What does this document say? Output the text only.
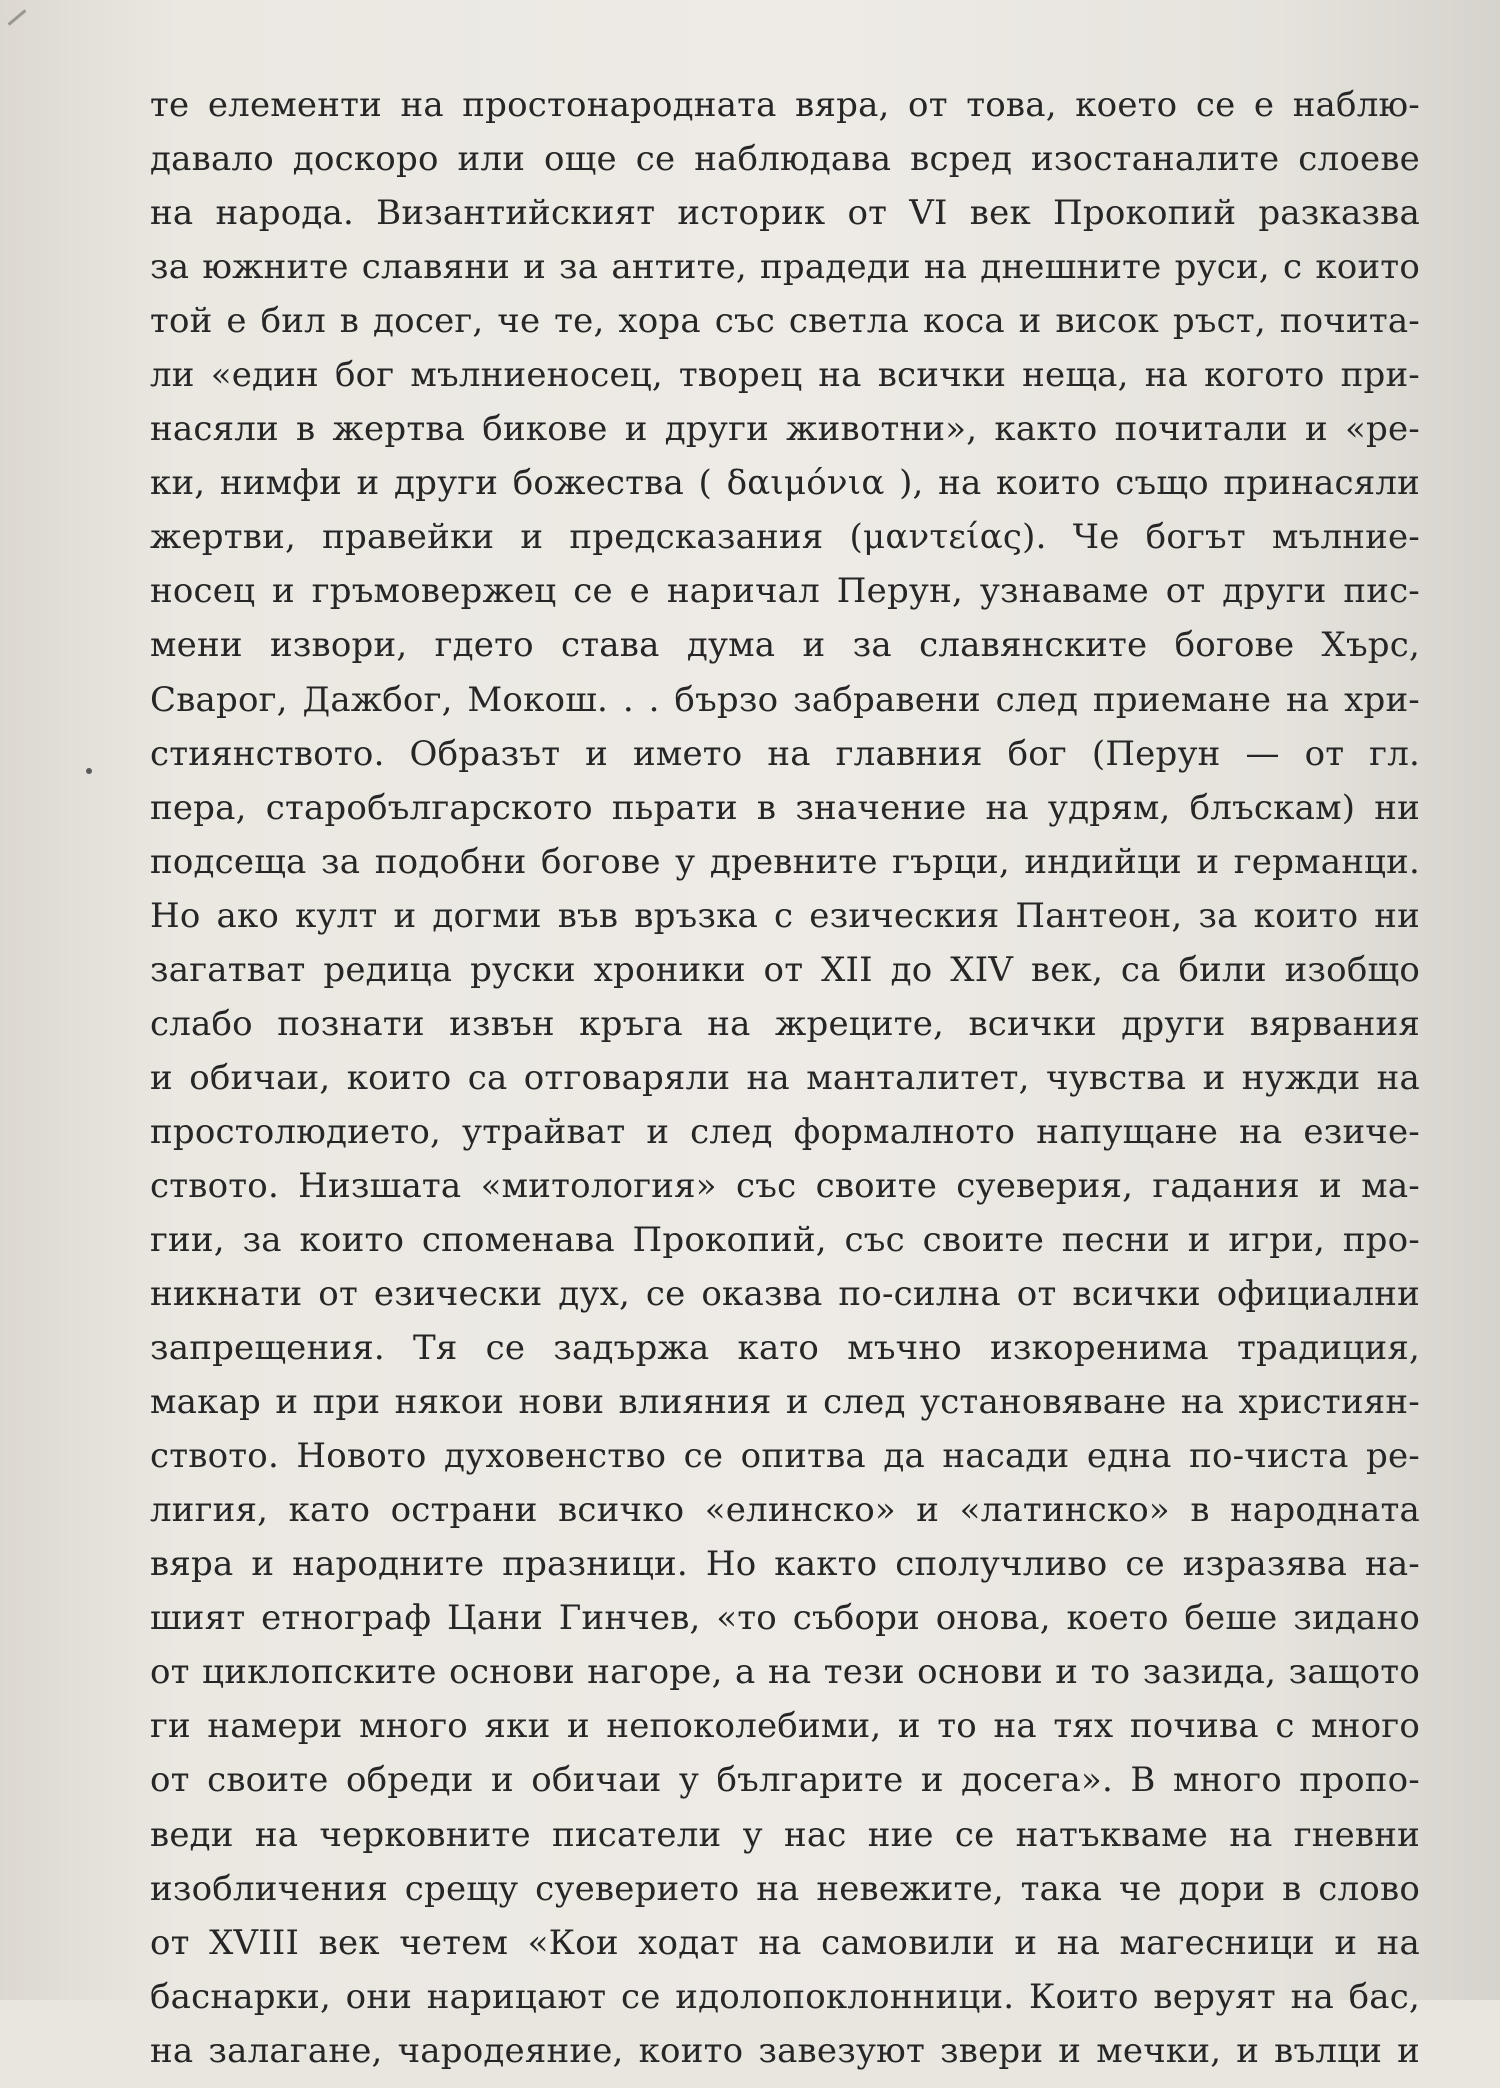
те елементи на простонародната вяра, от това, което се е наблю-
давало доскоро или още се наблюдава всред изостаналите слоеве
на народа. Византийският историк от VI век Прокопий разказва
за южните славяни и за антите, прадеди на днешните руси, с които
той е бил в досег, че те, хора със светла коса и висок ръст, почита-
ли «един бог мълниеносец, творец на всички неща, на когото при-
насяли в жертва бикове и други животни», както почитали и «ре-
ки, нимфи и други божества ( δαιμόνια ), на които също принасяли
жертви, правейки и предсказания (μαντείας). Че богът мълние-
носец и гръмовержец се е наричал Перун, узнаваме от други пис-
мени извори, гдето става дума и за славянските богове Хърс,
Сварог, Дажбог, Мокош. . . бързо забравени след приемане на хри-
стиянството. Образът и името на главния бог (Перун — от гл.
пера, старобългарското пьрати в значение на удрям, блъскам) ни
подсеща за подобни богове у древните гърци, индийци и германци.
Но ако култ и догми във връзка с езическия Пантеон, за които ни
загатват редица руски хроники от XII до XIV век, са били изобщо
слабо познати извън кръга на жреците, всички други вярвания
и обичаи, които са отговаряли на манталитет, чувства и нужди на
простолюдието, утрайват и след формалното напущане на езиче-
ството. Низшата «митология» със своите суеверия, гадания и ма-
гии, за които споменава Прокопий, със своите песни и игри, про-
никнати от езически дух, се оказва по-силна от всички официални
запрещения. Тя се задържа като мъчно изкоренима традиция,
макар и при някои нови влияния и след установяване на християн-
ството. Новото духовенство се опитва да насади една по-чиста ре-
лигия, като острани всичко «елинско» и «латинско» в народната
вяра и народните празници. Но както сполучливо се изразява на-
шият етнограф Цани Гинчев, «то събори онова, което беше зидано
от циклопските основи нагоре, а на тези основи и то зазида, защото
ги намери много яки и непоколебими, и то на тях почива с много
от своите обреди и обичаи у българите и досега». В много пропо-
веди на черковните писатели у нас ние се натъкваме на гневни
изобличения срещу суеверието на невежите, така че дори в слово
от XVIII век четем «Кои ходат на самовили и на магесници и на
баснарки, они нарицают се идолопоклонници. Които веруят на бас,
на залагане, чародеяние, които завезуют звери и мечки, и вълци и
